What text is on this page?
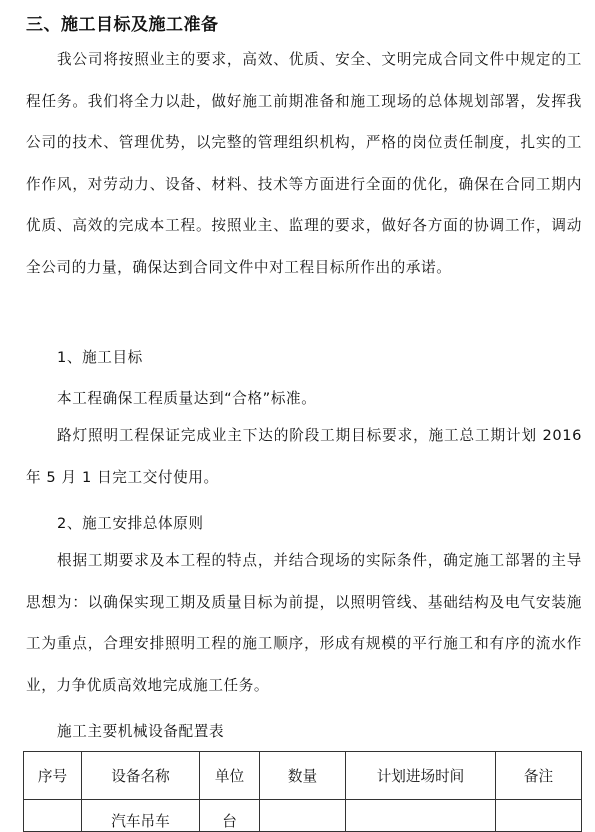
三、施工目标及施工准备

我公司将按照业主的要求，高效、优质、安全、文明完成合同文件中规定的工程任务。我们将全力以赴，做好施工前期准备和施工现场的总体规划部署，发挥我公司的技术、管理优势，以完整的管理组织机构，严格的岗位责任制度，扎实的工作作风，对劳动力、设备、材料、技术等方面进行全面的优化，确保在合同工期内优质、高效的完成本工程。按照业主、监理的要求，做好各方面的协调工作，调动全公司的力量，确保达到合同文件中对工程目标所作出的承诺。

1、施工目标
本工程确保工程质量达到“合格”标准。

路灯照明工程保证完成业主下达的阶段工期目标要求，施工总工期计划 2016 年 5 月 1 日完工交付使用。

2、施工安排总体原则

根据工期要求及本工程的特点，并结合现场的实际条件，确定施工部署的主导思想为：以确保实现工期及质量目标为前提，以照明管线、基础结构及电气安装施工为重点，合理安排照明工程的施工顺序，形成有规模的平行施工和有序的流水作业，力争优质高效地完成施工任务。

施工主要机械设备配置表
序号	设备名称	单位	数量	计划进场时间	备注

	汽车吊车	台			
